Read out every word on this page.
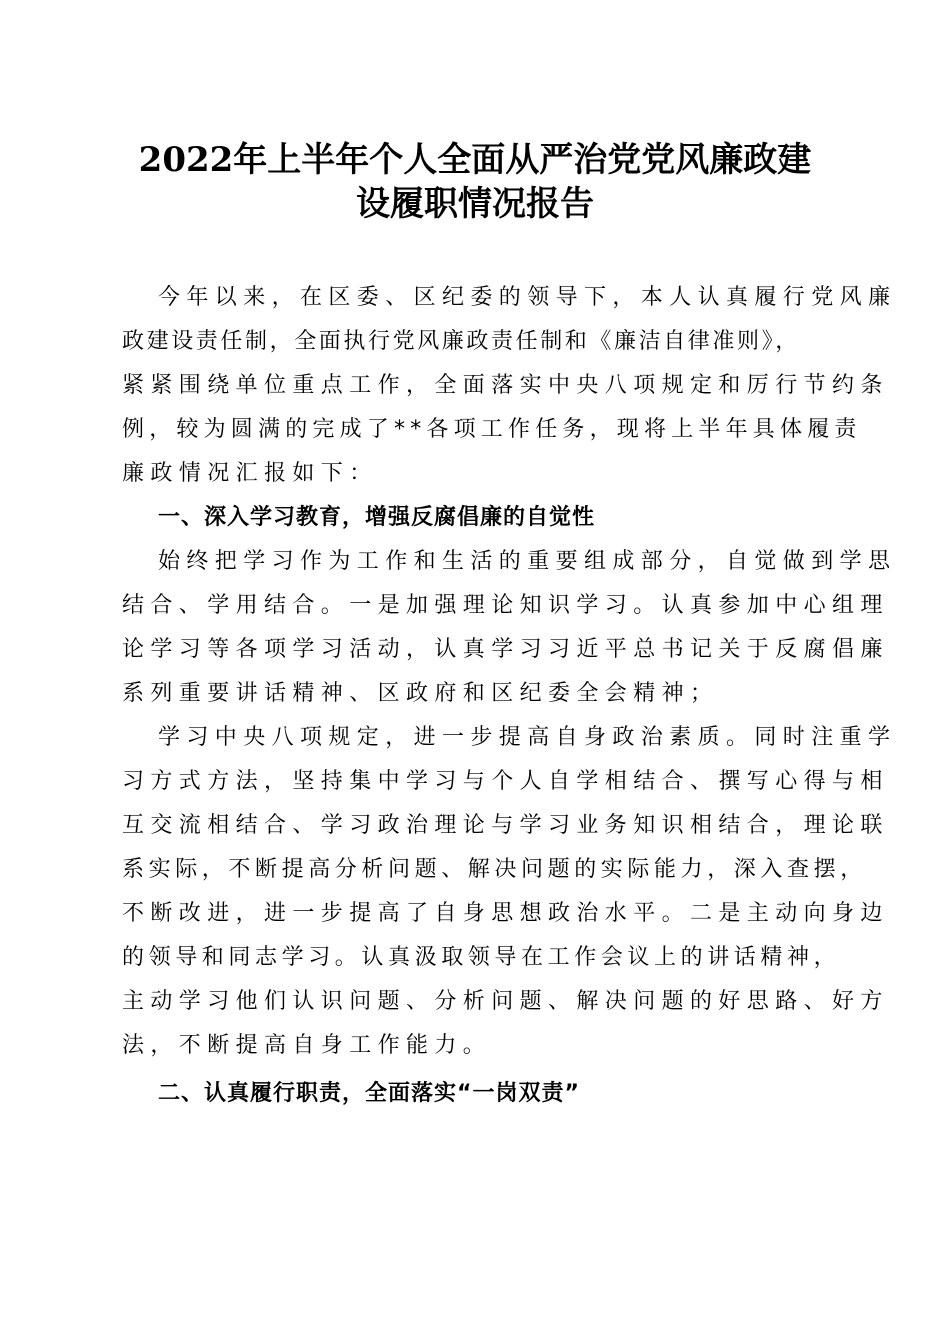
2022年上半年个人全面从严治党党风廉政建
设履职情况报告
今年以来，在区委、区纪委的领导下，本人认真履行党风廉
政建设责任制，全面执行党风廉政责任制和《廉洁自律准则》，
紧紧围绕单位重点工作，全面落实中央八项规定和厉行节约条
例，较为圆满的完成了**各项工作任务，现将上半年具体履责
廉政情况汇报如下：
一、深入学习教育，增强反腐倡廉的自觉性
始终把学习作为工作和生活的重要组成部分，自觉做到学思
结合、学用结合。一是加强理论知识学习。认真参加中心组理
论学习等各项学习活动，认真学习习近平总书记关于反腐倡廉
系列重要讲话精神、区政府和区纪委全会精神；
学习中央八项规定，进一步提高自身政治素质。同时注重学
习方式方法，坚持集中学习与个人自学相结合、撰写心得与相
互交流相结合、学习政治理论与学习业务知识相结合，理论联
系实际，不断提高分析问题、解决问题的实际能力，深入查摆，
不断改进，进一步提高了自身思想政治水平。二是主动向身边
的领导和同志学习。认真汲取领导在工作会议上的讲话精神，
主动学习他们认识问题、分析问题、解决问题的好思路、好方
法，不断提高自身工作能力。
二、认真履行职责，全面落实“一岗双责”
